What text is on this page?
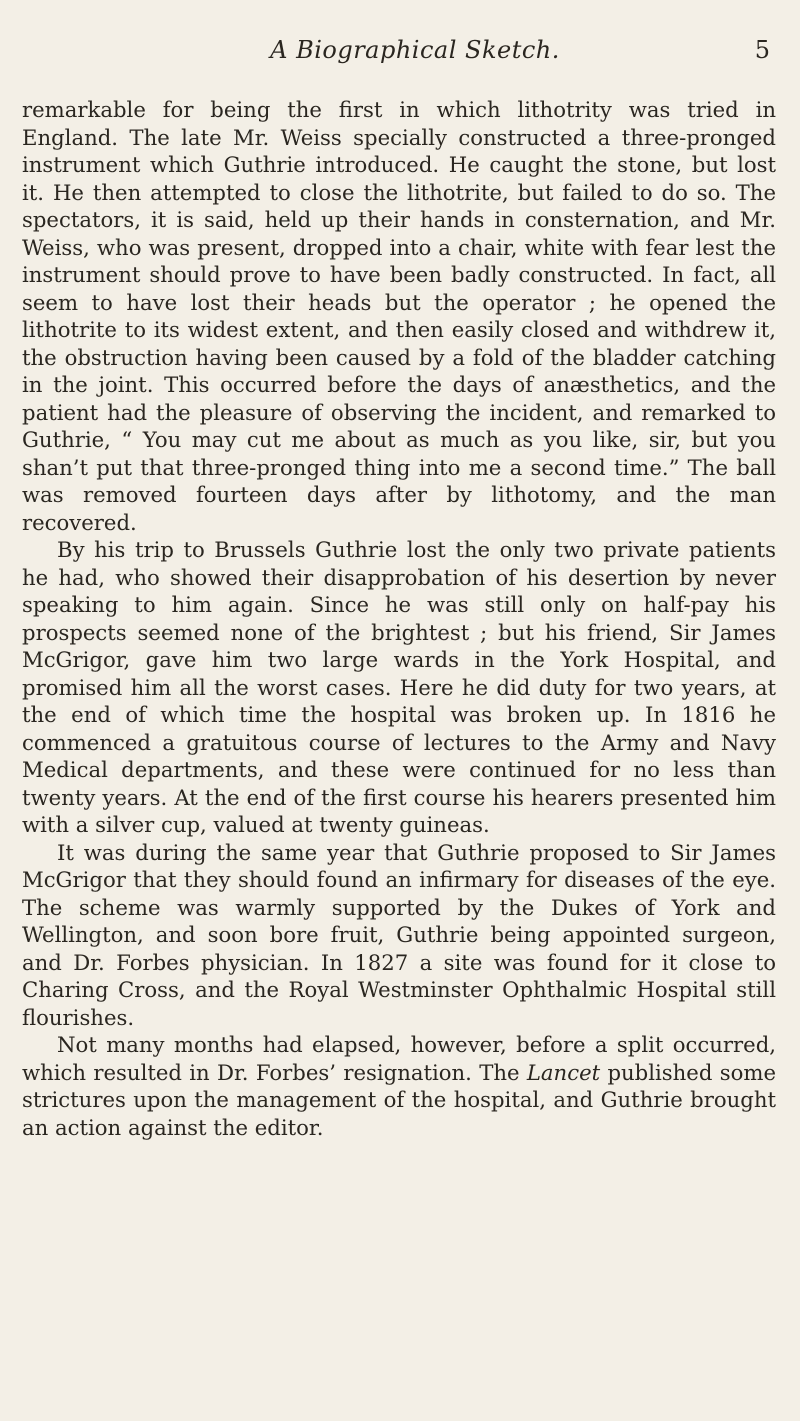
A Biographical Sketch.	5

remarkable for being the first in which lithotrity was tried in England. The late Mr. Weiss specially constructed a three-pronged instrument which Guthrie introduced. He caught the stone, but lost it. He then attempted to close the lithotrite, but failed to do so. The spectators, it is said, held up their hands in consternation, and Mr. Weiss, who was present, dropped into a chair, white with fear lest the instrument should prove to have been badly constructed. In fact, all seem to have lost their heads but the operator ; he opened the lithotrite to its widest extent, and then easily closed and withdrew it, the obstruction having been caused by a fold of the bladder catching in the joint. This occurred before the days of anæsthetics, and the patient had the pleasure of observing the incident, and remarked to Guthrie, “ You may cut me about as much as you like, sir, but you shan’t put that three-pronged thing into me a second time.” The ball was removed fourteen days after by lithotomy, and the man recovered.

By his trip to Brussels Guthrie lost the only two private patients he had, who showed their disapprobation of his desertion by never speaking to him again. Since he was still only on half-pay his prospects seemed none of the brightest ; but his friend, Sir James McGrigor, gave him two large wards in the York Hospital, and promised him all the worst cases. Here he did duty for two years, at the end of which time the hospital was broken up. In 1816 he commenced a gratuitous course of lectures to the Army and Navy Medical departments, and these were continued for no less than twenty years. At the end of the first course his hearers presented him with a silver cup, valued at twenty guineas.

It was during the same year that Guthrie proposed to Sir James McGrigor that they should found an infirmary for diseases of the eye. The scheme was warmly supported by the Dukes of York and Wellington, and soon bore fruit, Guthrie being appointed surgeon, and Dr. Forbes physician. In 1827 a site was found for it close to Charing Cross, and the Royal Westminster Ophthalmic Hospital still flourishes.

Not many months had elapsed, however, before a split occurred, which resulted in Dr. Forbes’ resignation. The Lancet published some strictures upon the management of the hospital, and Guthrie brought an action against the editor.
